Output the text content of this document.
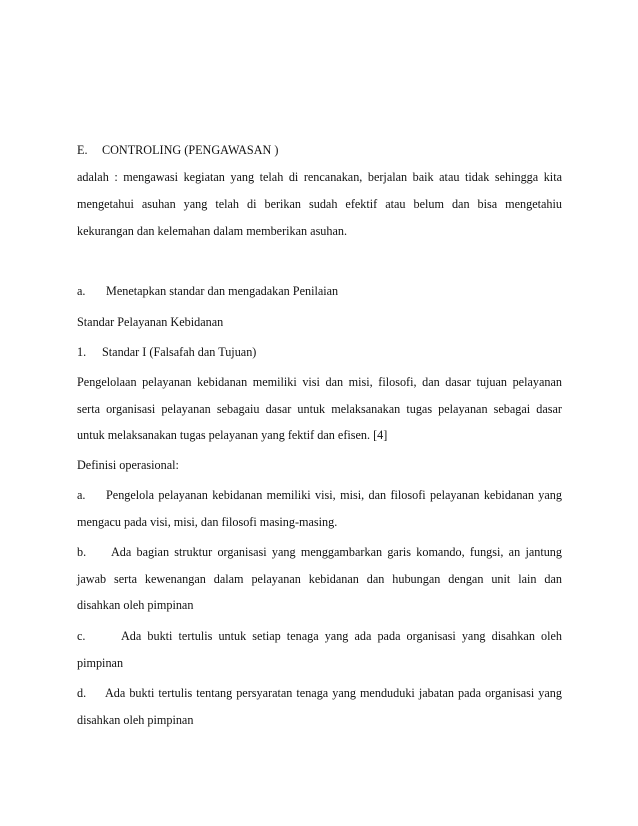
E. CONTROLING (PENGAWASAN )
adalah : mengawasi kegiatan yang telah di rencanakan, berjalan baik atau tidak sehingga kita
mengetahui asuhan yang telah di berikan sudah efektif atau belum dan bisa mengetahiu
kekurangan dan kelemahan dalam memberikan asuhan.
a. Menetapkan standar dan mengadakan Penilaian
Standar Pelayanan Kebidanan
1. Standar I (Falsafah dan Tujuan)
Pengelolaan pelayanan kebidanan memiliki visi dan misi, filosofi, dan dasar tujuan pelayanan
serta organisasi pelayanan sebagaiu dasar untuk melaksanakan tugas pelayanan sebagai dasar
untuk melaksanakan tugas pelayanan yang fektif dan efisen. [4]
Definisi operasional:
a.	Pengelola pelayanan kebidanan memiliki visi, misi, dan filosofi pelayanan kebidanan yang
mengacu pada visi, misi, dan filosofi masing-masing.
b.	Ada bagian struktur organisasi yang menggambarkan garis komando, fungsi, an jantung
jawab serta kewenangan dalam pelayanan kebidanan dan hubungan dengan unit lain dan
disahkan oleh pimpinan
c.	Ada bukti tertulis untuk setiap tenaga yang ada pada organisasi yang disahkan oleh
pimpinan
d.	Ada bukti tertulis tentang persyaratan tenaga yang menduduki jabatan pada organisasi yang
disahkan oleh pimpinan
